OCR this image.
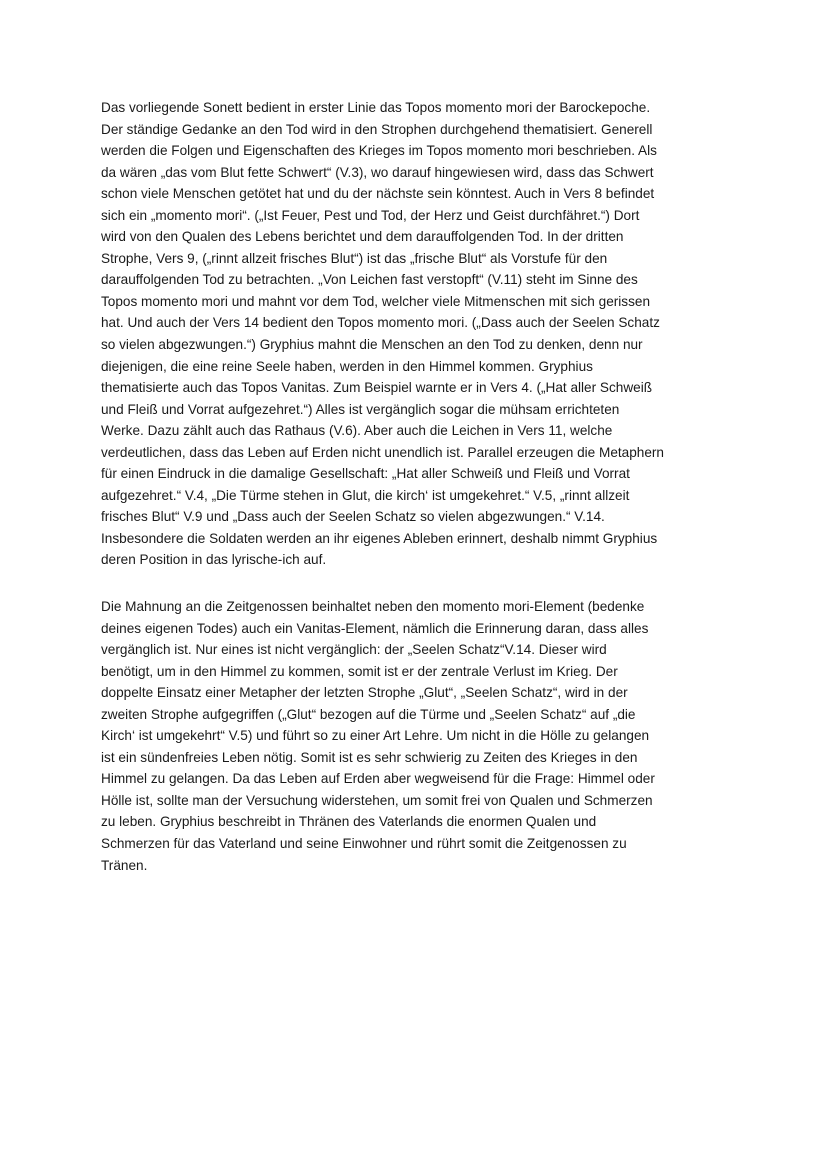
Das vorliegende Sonett bedient in erster Linie das Topos momento mori der Barockepoche.
Der ständige Gedanke an den Tod wird in den Strophen durchgehend thematisiert. Generell
werden die Folgen und Eigenschaften des Krieges im Topos momento mori beschrieben. Als
da wären „das vom Blut fette Schwert“ (V.3), wo darauf hingewiesen wird, dass das Schwert
schon viele Menschen getötet hat und du der nächste sein könntest. Auch in Vers 8 befindet
sich ein „momento mori“. („Ist Feuer, Pest und Tod, der Herz und Geist durchfähret.“) Dort
wird von den Qualen des Lebens berichtet und dem darauffolgenden Tod. In der dritten
Strophe, Vers 9, („rinnt allzeit frisches Blut“) ist das „frische Blut“ als Vorstufe für den
darauffolgenden Tod zu betrachten. „Von Leichen fast verstopft“ (V.11) steht im Sinne des
Topos momento mori und mahnt vor dem Tod, welcher viele Mitmenschen mit sich gerissen
hat. Und auch der Vers 14 bedient den Topos momento mori. („Dass auch der Seelen Schatz
so vielen abgezwungen.“) Gryphius mahnt die Menschen an den Tod zu denken, denn nur
diejenigen, die eine reine Seele haben, werden in den Himmel kommen. Gryphius
thematisierte auch das Topos Vanitas. Zum Beispiel warnte er in Vers 4. („Hat aller Schweiß
und Fleiß und Vorrat aufgezehret.“) Alles ist vergänglich sogar die mühsam errichteten
Werke. Dazu zählt auch das Rathaus (V.6). Aber auch die Leichen in Vers 11, welche
verdeutlichen, dass das Leben auf Erden nicht unendlich ist. Parallel erzeugen die Metaphern
für einen Eindruck in die damalige Gesellschaft: „Hat aller Schweiß und Fleiß und Vorrat
aufgezehret.“ V.4, „Die Türme stehen in Glut, die kirch‘ ist umgekehret.“ V.5, „rinnt allzeit
frisches Blut“ V.9 und „Dass auch der Seelen Schatz so vielen abgezwungen.“ V.14.
Insbesondere die Soldaten werden an ihr eigenes Ableben erinnert, deshalb nimmt Gryphius
deren Position in das lyrische-ich auf.

Die Mahnung an die Zeitgenossen beinhaltet neben den momento mori-Element (bedenke
deines eigenen Todes) auch ein Vanitas-Element, nämlich die Erinnerung daran, dass alles
vergänglich ist. Nur eines ist nicht vergänglich: der „Seelen Schatz“V.14. Dieser wird
benötigt, um in den Himmel zu kommen, somit ist er der zentrale Verlust im Krieg. Der
doppelte Einsatz einer Metapher der letzten Strophe „Glut“, „Seelen Schatz“, wird in der
zweiten Strophe aufgegriffen („Glut“ bezogen auf die Türme und „Seelen Schatz“ auf „die
Kirch‘ ist umgekehrt“ V.5) und führt so zu einer Art Lehre. Um nicht in die Hölle zu gelangen
ist ein sündenfreies Leben nötig. Somit ist es sehr schwierig zu Zeiten des Krieges in den
Himmel zu gelangen. Da das Leben auf Erden aber wegweisend für die Frage: Himmel oder
Hölle ist, sollte man der Versuchung widerstehen, um somit frei von Qualen und Schmerzen
zu leben. Gryphius beschreibt in Thränen des Vaterlands die enormen Qualen und
Schmerzen für das Vaterland und seine Einwohner und rührt somit die Zeitgenossen zu
Tränen.
